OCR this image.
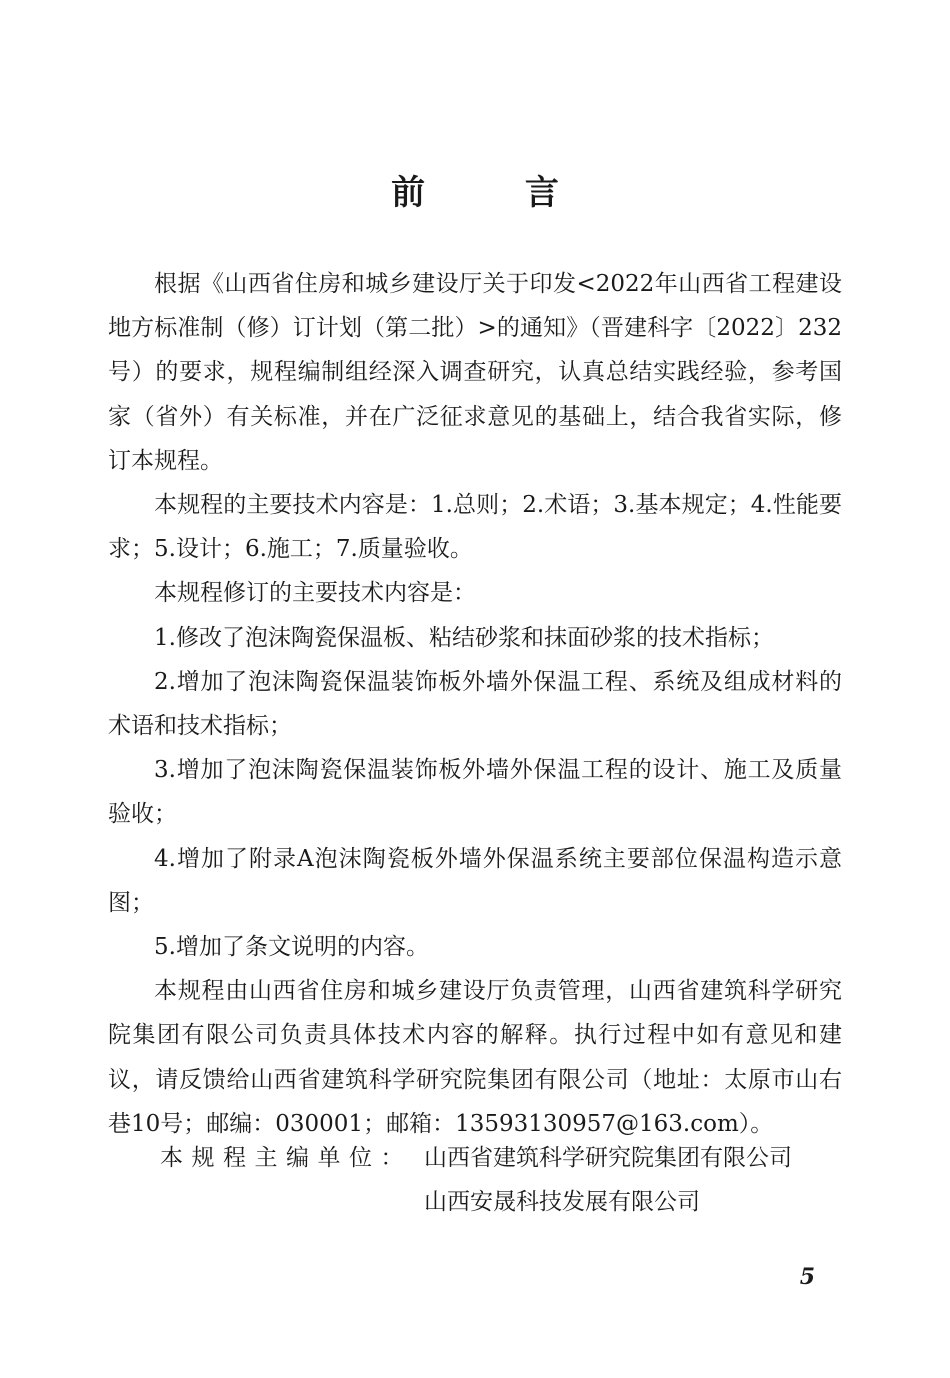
前 言

根据《山西省住房和城乡建设厅关于印发<2022年山西省工程建设地方标准制（修）订计划（第二批）>的通知》（晋建科字〔2022〕232号）的要求，规程编制组经深入调查研究，认真总结实践经验，参考国家（省外）有关标准，并在广泛征求意见的基础上，结合我省实际，修订本规程。

本规程的主要技术内容是：1.总则；2.术语；3.基本规定；4.性能要求；5.设计；6.施工；7.质量验收。

本规程修订的主要技术内容是：

1.修改了泡沫陶瓷保温板、粘结砂浆和抹面砂浆的技术指标；

2.增加了泡沫陶瓷保温装饰板外墙外保温工程、系统及组成材料的术语和技术指标；

3.增加了泡沫陶瓷保温装饰板外墙外保温工程的设计、施工及质量验收；

4.增加了附录A泡沫陶瓷板外墙外保温系统主要部位保温构造示意图；

5.增加了条文说明的内容。

本规程由山西省住房和城乡建设厅负责管理，山西省建筑科学研究院集团有限公司负责具体技术内容的解释。执行过程中如有意见和建议，请反馈给山西省建筑科学研究院集团有限公司（地址：太原市山右巷10号；邮编：030001；邮箱：13593130957@163.com）。

本规程主编单位： 山西省建筑科学研究院集团有限公司
山西安晟科技发展有限公司
5
